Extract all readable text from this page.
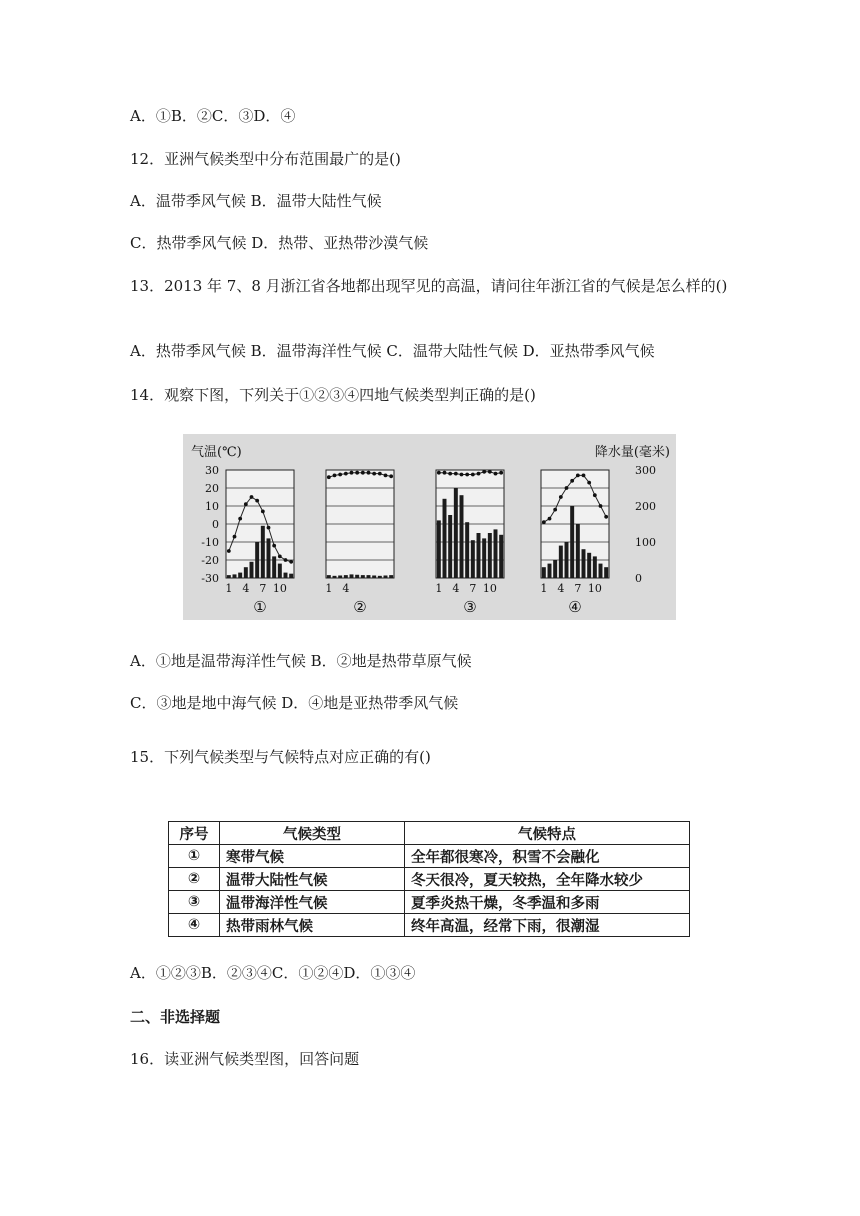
A．①B．②C．③D．④
12．亚洲气候类型中分布范围最广的是()
A．温带季风气候 B．温带大陆性气候
C．热带季风气候 D．热带、亚热带沙漠气候
13．2013 年 7、8 月浙江省各地都出现罕见的高温，请问往年浙江省的气候是怎么样的()
A．热带季风气候 B．温带海洋性气候 C．温带大陆性气候 D．亚热带季风气候
14．观察下图，下列关于①②③④四地气候类型判正确的是()
气温(℃)	降水量(毫米)
30
20
10
0
-10
-20
-30
300
200
100
0
1 4 7 10
①
1 4
②
1 4 7 10
③
1 4 7 10
④
A．①地是温带海洋性气候 B．②地是热带草原气候
C．③地是地中海气候 D．④地是亚热带季风气候
15．下列气候类型与气候特点对应正确的有()
序号	气候类型	气候特点
①	寒带气候	全年都很寒冷，积雪不会融化
②	温带大陆性气候	冬天很冷，夏天较热，全年降水较少
③	温带海洋性气候	夏季炎热干燥，冬季温和多雨
④	热带雨林气候	终年高温，经常下雨，很潮湿
A．①②③B．②③④C．①②④D．①③④
二、非选择题
16．读亚洲气候类型图，回答问题
